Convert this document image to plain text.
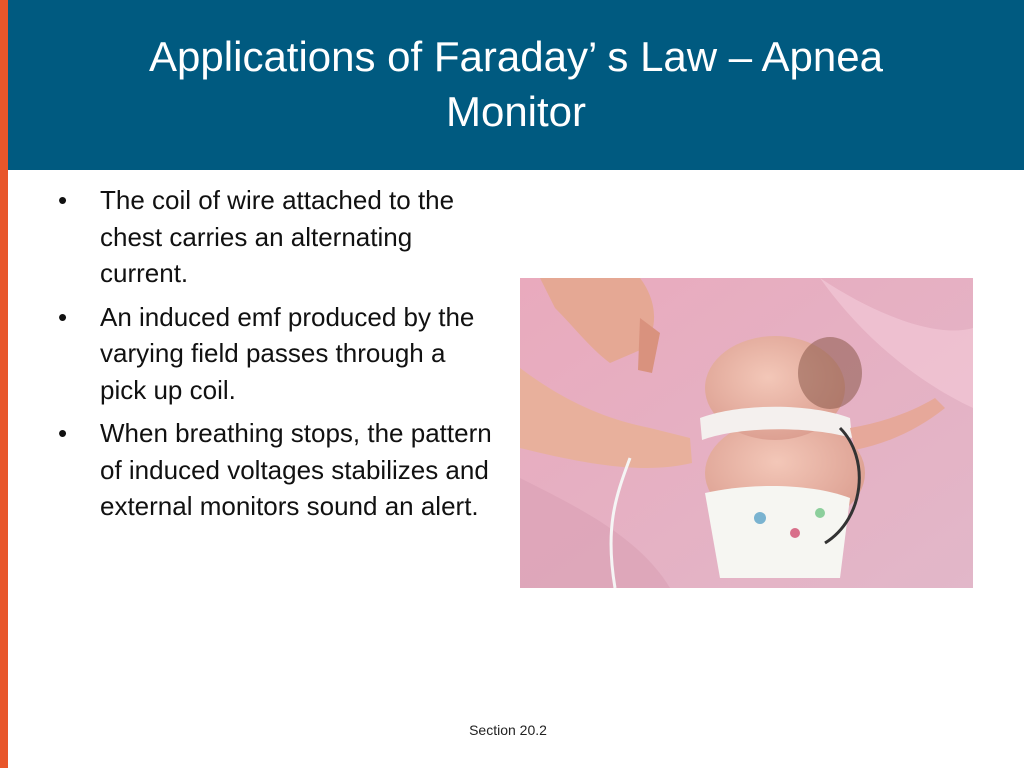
Applications of Faraday’ s Law – Apnea Monitor
• The coil of wire attached to the chest carries an alternating current.
• An induced emf produced by the varying field passes through a pick up coil.
• When breathing stops, the pattern of induced voltages stabilizes and external monitors sound an alert.
Section 20.2
